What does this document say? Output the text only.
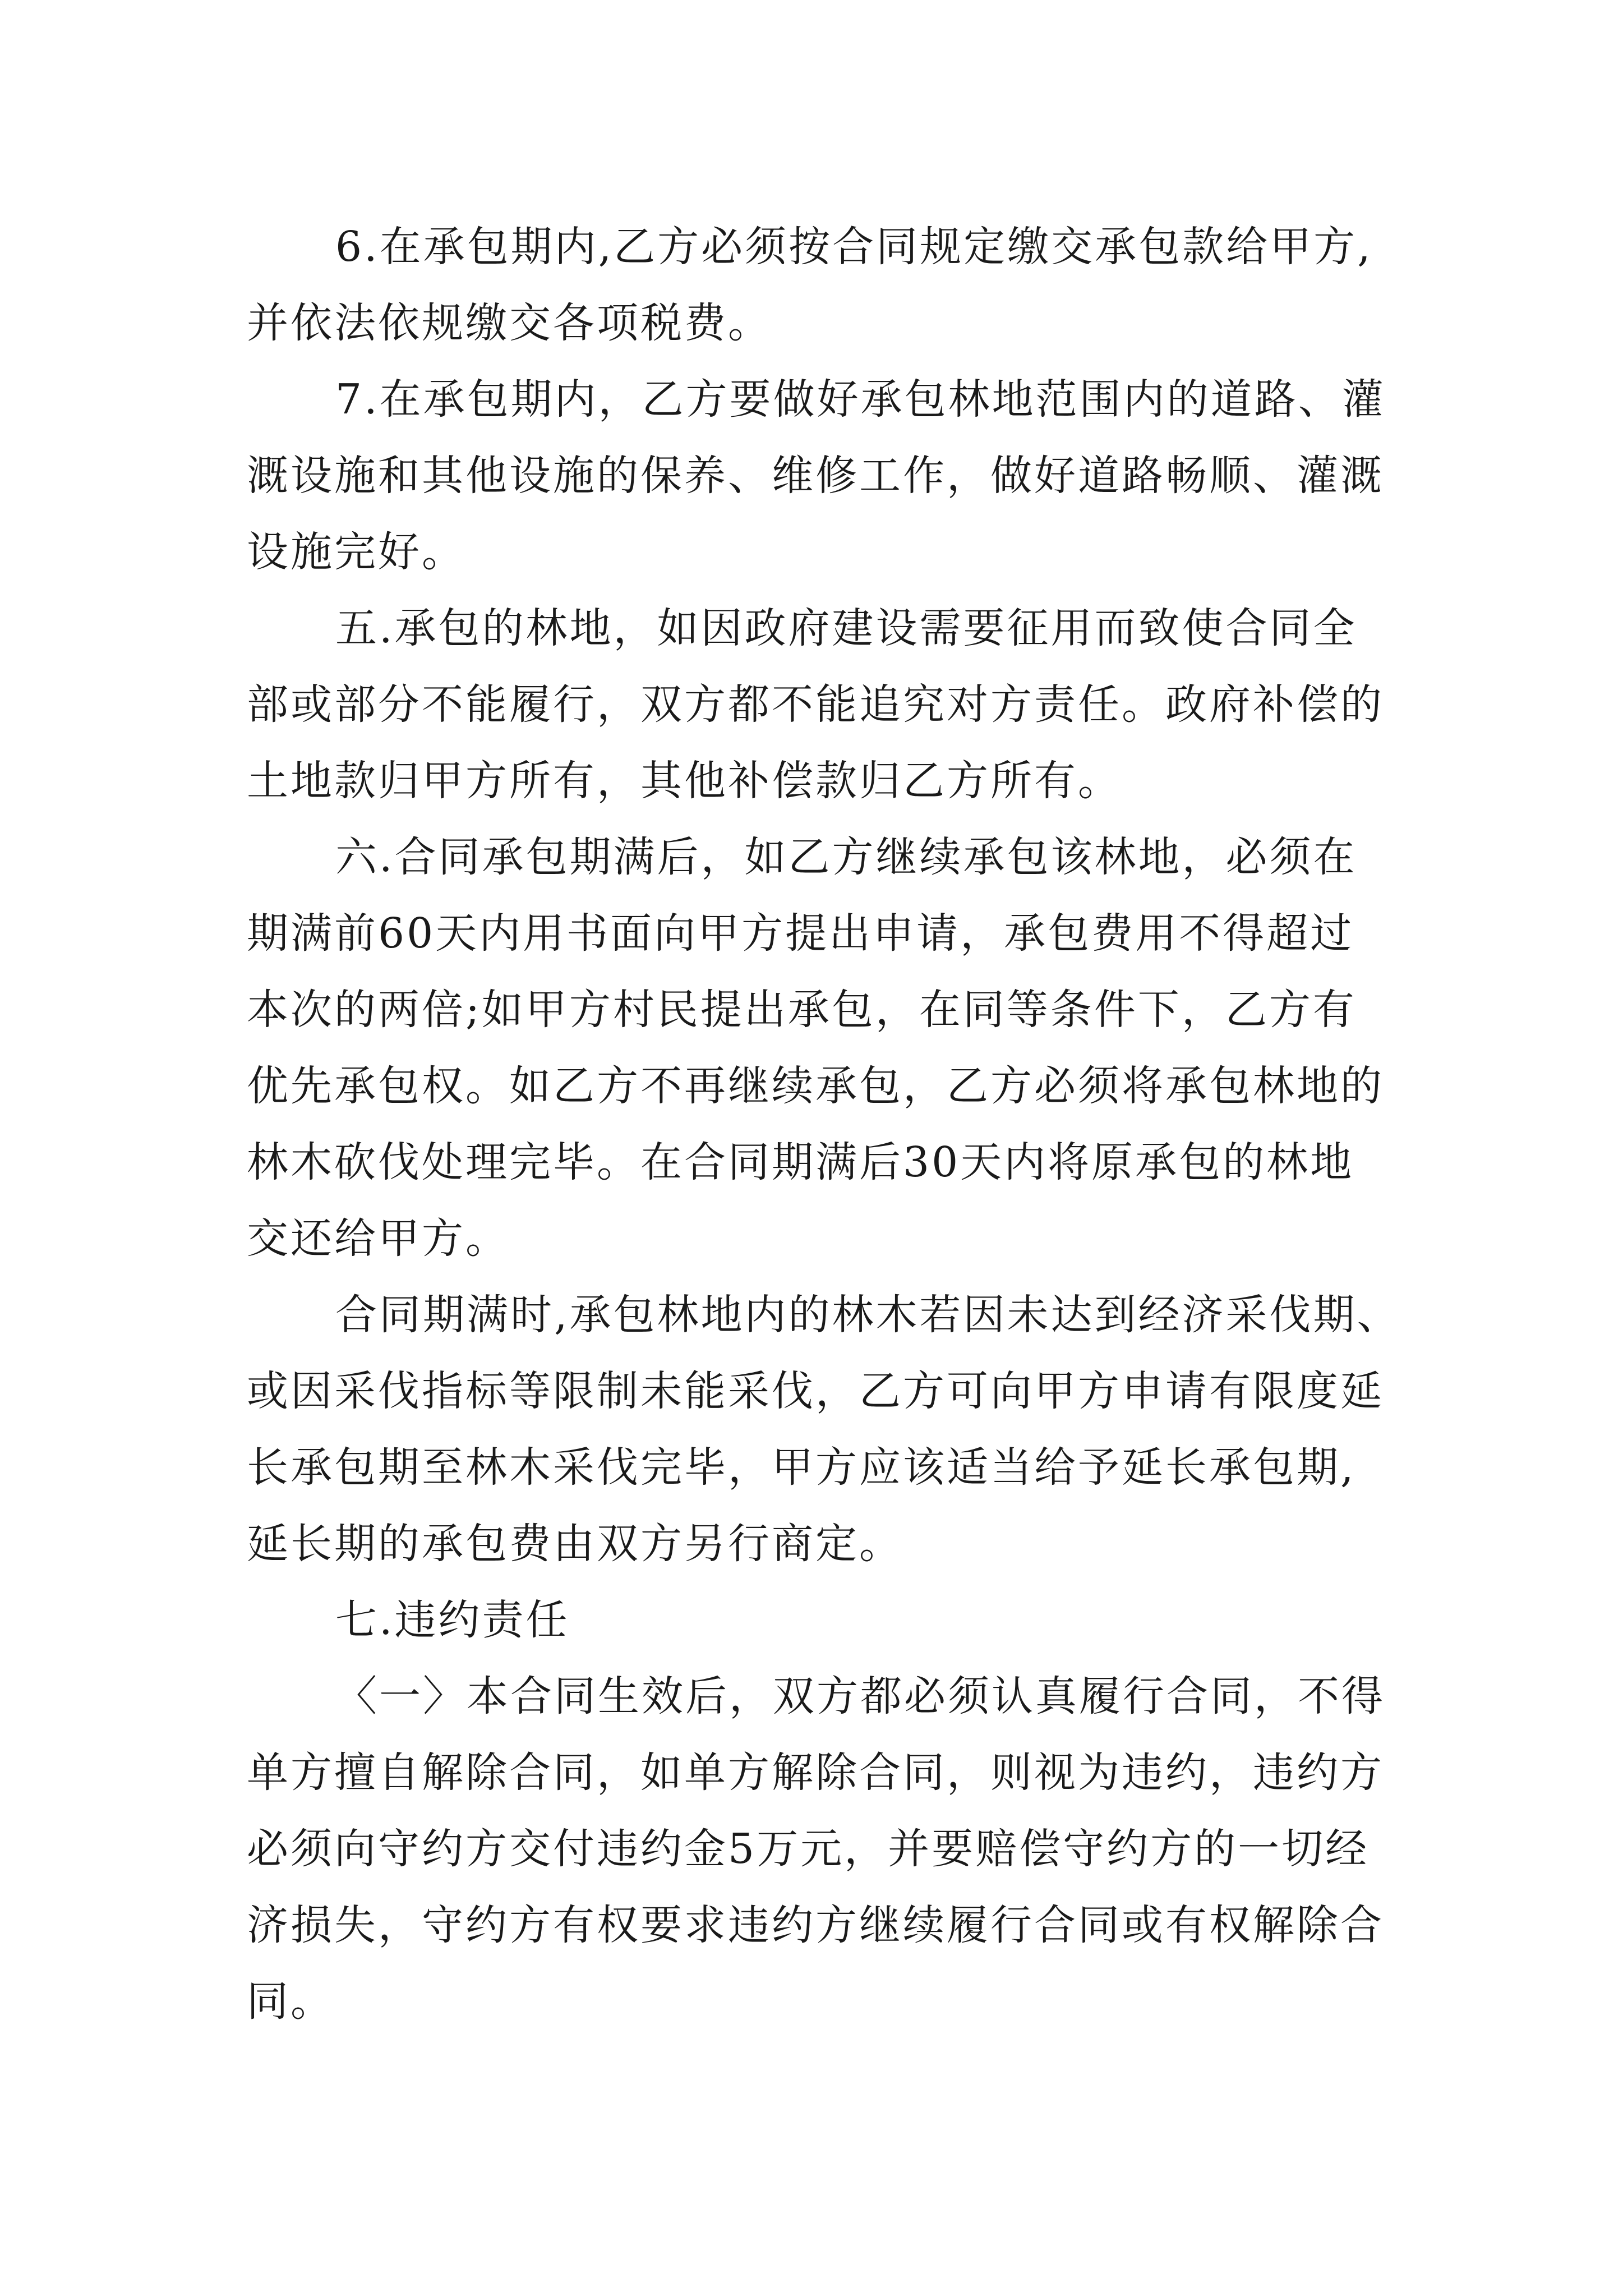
6.在承包期内,乙方必须按合同规定缴交承包款给甲方,
并依法依规缴交各项税费。
7.在承包期内，乙方要做好承包林地范围内的道路、灌
溉设施和其他设施的保养、维修工作，做好道路畅顺、灌溉
设施完好。
五.承包的林地，如因政府建设需要征用而致使合同全
部或部分不能履行，双方都不能追究对方责任。政府补偿的
土地款归甲方所有，其他补偿款归乙方所有。
六.合同承包期满后，如乙方继续承包该林地，必须在
期满前60天内用书面向甲方提出申请，承包费用不得超过
本次的两倍;如甲方村民提出承包，在同等条件下，乙方有
优先承包权。如乙方不再继续承包，乙方必须将承包林地的
林木砍伐处理完毕。在合同期满后30天内将原承包的林地
交还给甲方。
合同期满时,承包林地内的林木若因未达到经济采伐期、
或因采伐指标等限制未能采伐，乙方可向甲方申请有限度延
长承包期至林木采伐完毕，甲方应该适当给予延长承包期,
延长期的承包费由双方另行商定。
七.违约责任
〈一〉本合同生效后，双方都必须认真履行合同，不得
单方擅自解除合同，如单方解除合同，则视为违约，违约方
必须向守约方交付违约金5万元，并要赔偿守约方的一切经
济损失，守约方有权要求违约方继续履行合同或有权解除合
同。
